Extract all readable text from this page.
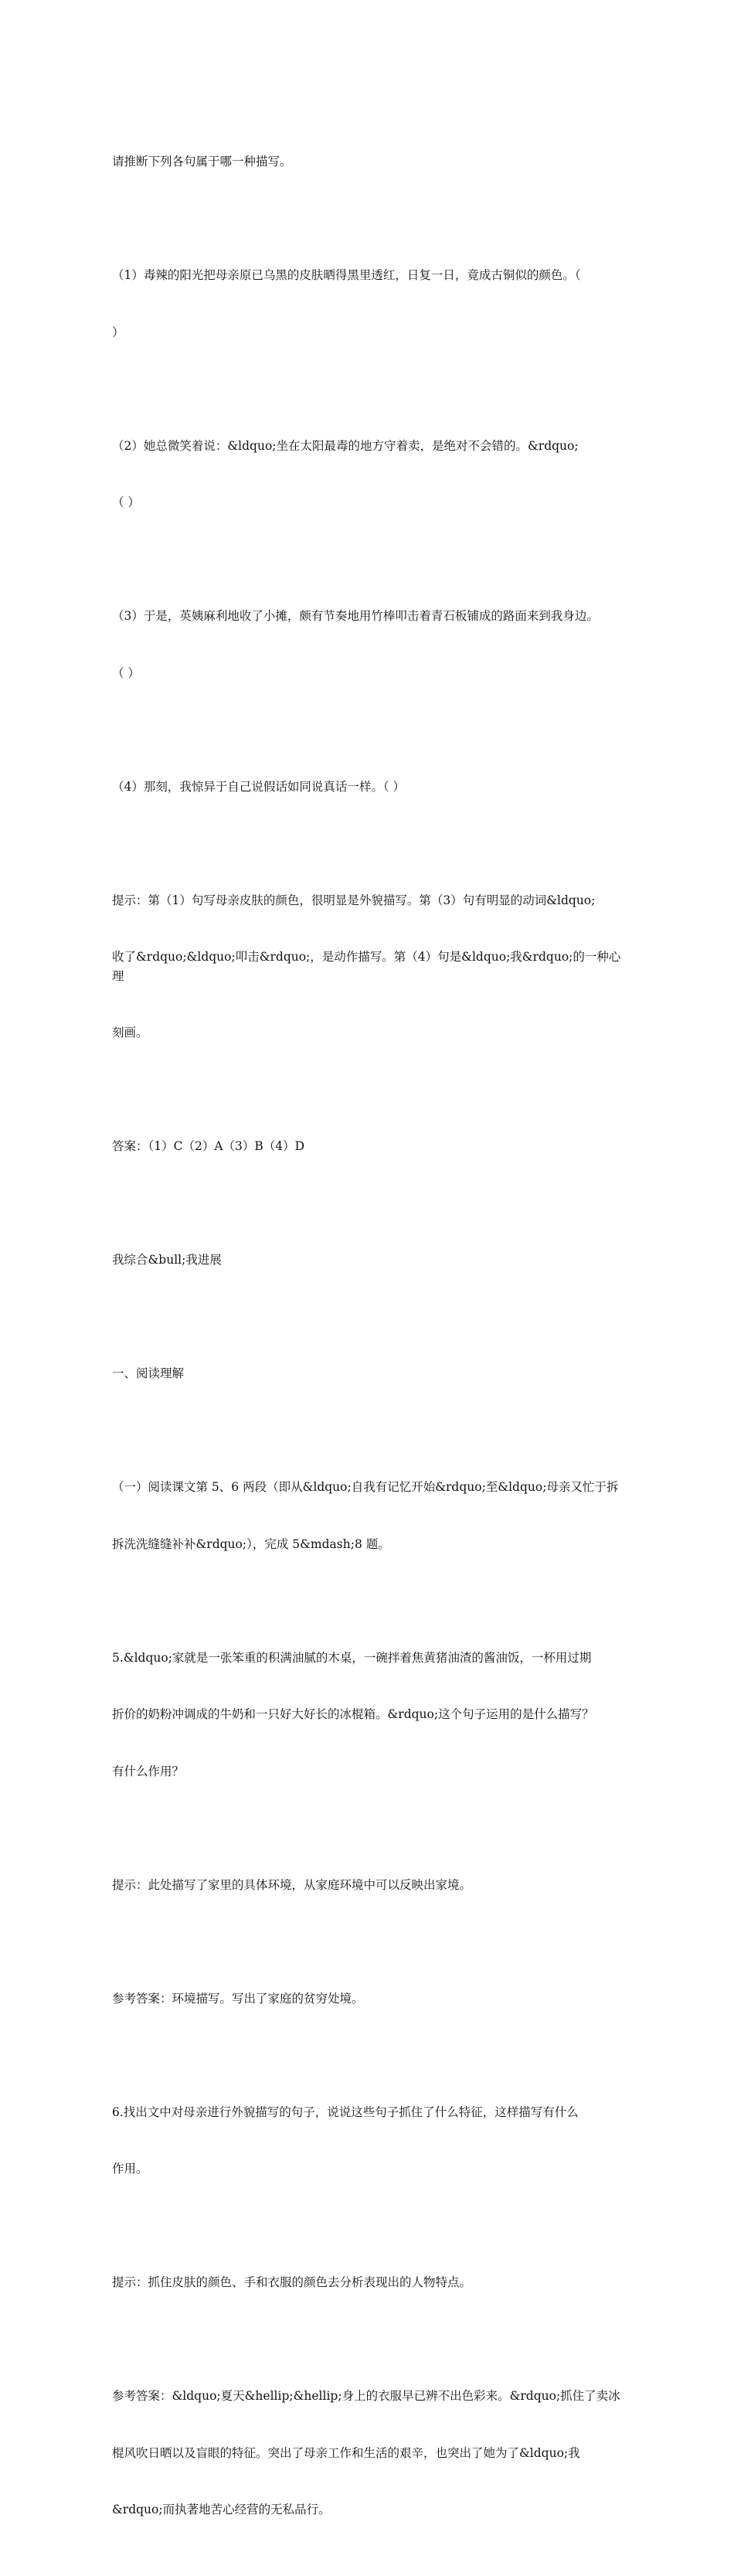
请推断下列各句属于哪一种描写。

（1）毒辣的阳光把母亲原已乌黑的皮肤晒得黑里透红，日复一日，竟成古铜似的颜色。（

）

（2）她总微笑着说：&ldquo;坐在太阳最毒的地方守着卖，是绝对不会错的。&rdquo;

（ ）

（3）于是，英姨麻利地收了小摊，颇有节奏地用竹棒叩击着青石板铺成的路面来到我身边。

（ ）

（4）那刻，我惊异于自己说假话如同说真话一样。（ ）

提示：第（1）句写母亲皮肤的颜色，很明显是外貌描写。第（3）句有明显的动词&ldquo;

收了&rdquo;&ldquo;叩击&rdquo;，是动作描写。第（4）句是&ldquo;我&rdquo;的一种心理

刻画。

答案：（1）C（2）A（3）B（4）D

我综合&bull;我进展

一、阅读理解

（一）阅读课文第 5、6 两段（即从&ldquo;自我有记忆开始&rdquo;至&ldquo;母亲又忙于拆

拆洗洗缝缝补补&rdquo;），完成 5&mdash;8 题。

5.&ldquo;家就是一张笨重的积满油腻的木桌，一碗拌着焦黄猪油渣的酱油饭，一杯用过期

折价的奶粉冲调成的牛奶和一只好大好长的冰棍箱。&rdquo;这个句子运用的是什么描写？

有什么作用？

提示：此处描写了家里的具体环境，从家庭环境中可以反映出家境。

参考答案：环境描写。写出了家庭的贫穷处境。

6.找出文中对母亲进行外貌描写的句子，说说这些句子抓住了什么特征，这样描写有什么

作用。

提示：抓住皮肤的颜色、手和衣服的颜色去分析表现出的人物特点。

参考答案：&ldquo;夏天&hellip;&hellip;身上的衣服早已辨不出色彩来。&rdquo;抓住了卖冰

棍风吹日晒以及盲眼的特征。突出了母亲工作和生活的艰辛，也突出了她为了&ldquo;我

&rdquo;而执著地苦心经营的无私品行。
